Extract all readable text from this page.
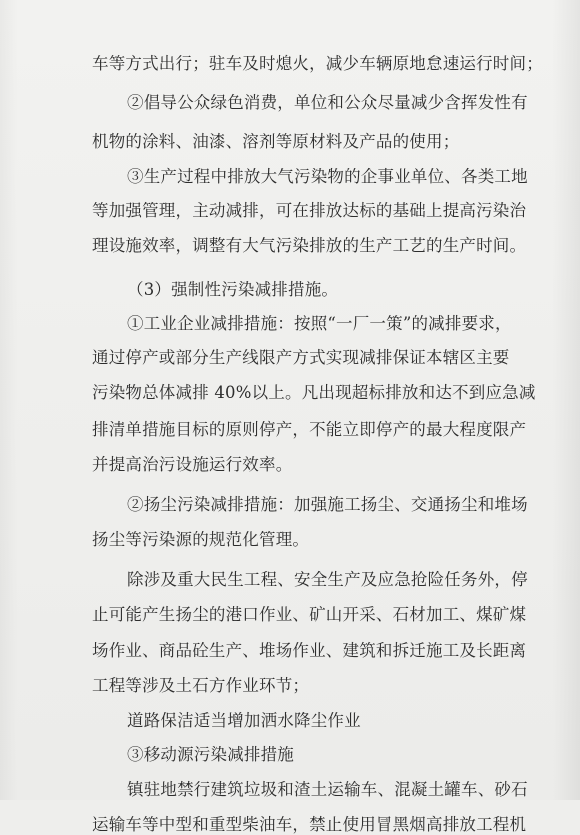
车等方式出行；驻车及时熄火，减少车辆原地怠速运行时间；
②倡导公众绿色消费，单位和公众尽量减少含挥发性有
机物的涂料、油漆、溶剂等原材料及产品的使用；
③生产过程中排放大气污染物的企事业单位、各类工地
等加强管理，主动减排，可在排放达标的基础上提高污染治
理设施效率，调整有大气污染排放的生产工艺的生产时间。
（3）强制性污染减排措施。
①工业企业减排措施：按照“一厂一策”的减排要求，
通过停产或部分生产线限产方式实现减排保证本辖区主要
污染物总体减排 40%以上。凡出现超标排放和达不到应急减
排清单措施目标的原则停产，不能立即停产的最大程度限产
并提高治污设施运行效率。
②扬尘污染减排措施：加强施工扬尘、交通扬尘和堆场
扬尘等污染源的规范化管理。
除涉及重大民生工程、安全生产及应急抢险任务外，停
止可能产生扬尘的港口作业、矿山开采、石材加工、煤矿煤
场作业、商品砼生产、堆场作业、建筑和拆迁施工及长距离
工程等涉及土石方作业环节；
道路保洁适当增加洒水降尘作业
③移动源污染减排措施
镇驻地禁行建筑垃圾和渣土运输车、混凝土罐车、砂石
运输车等中型和重型柴油车，禁止使用冒黑烟高排放工程机
